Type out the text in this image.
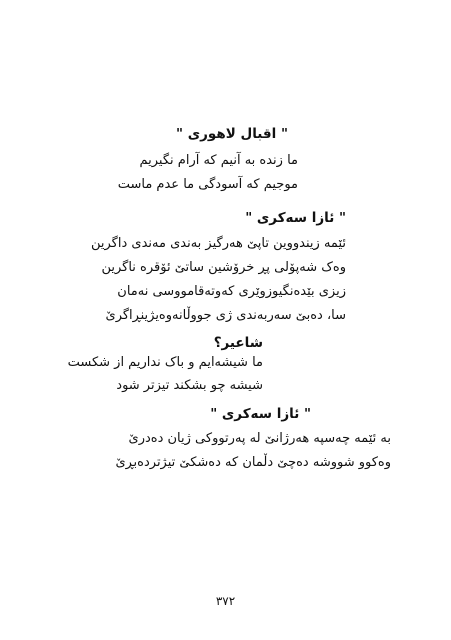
" اقبال لاهوری "
ما زنده به آنیم که آرام نگیریم
موجیم که آسودگی ما عدم ماست
" ئازا سەکری "
ئێمە زیندووین تاپێ هەرگیز بەندی مەندی داگرین
وەک شەپۆلی پڕ خرۆشین ساتێ ئۆقرە ناگرین
زیزی بێدەنگیوزوێری کەوتەقامووسی نەمان
سا، دەبێ سەربەندی ژی جووڵانەوەیژینڕاگرێ
شاعیر؟
ما شیشەایم و باک نداریم از شکست
شیشە چو بشکند تیزتر شود
" ئازا سەکری "
بە ئێمە چەسپە هەرژانێ لە پەرتووکی ژیان دەدرێ
وەکوو شووشە دەچێ دڵمان کە دەشکێ تیژتردەبڕێ
٣٧٢
